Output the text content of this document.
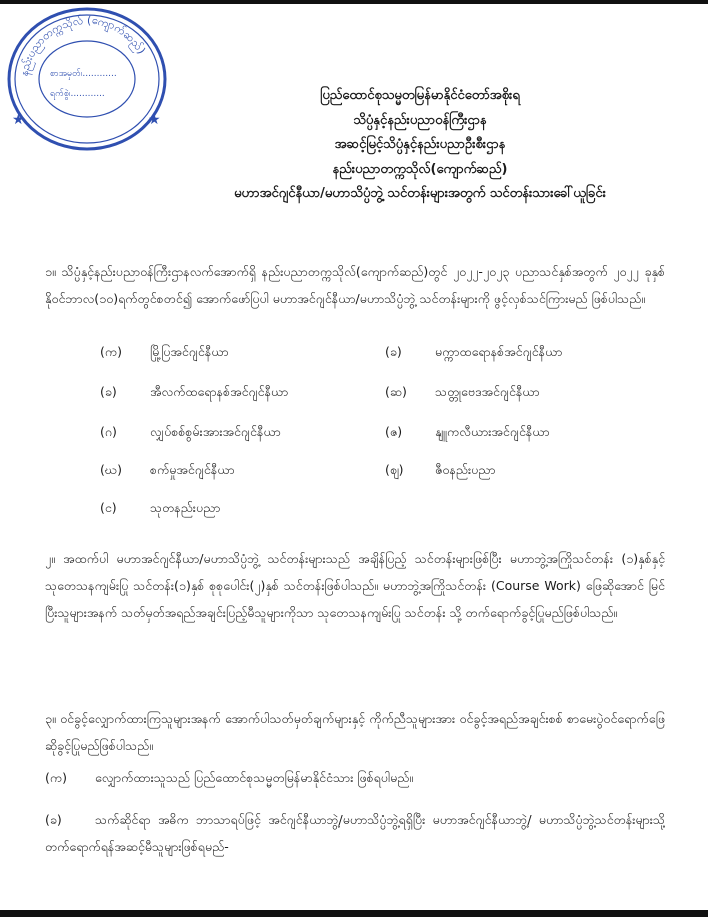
နည်းပညာတက္ကသိုလ် (ကျောက်ဆည်)
စာအမှတ်၊............
ရက်စွဲ၊............
★	★
ပြည်ထောင်စုသမ္မတမြန်မာနိုင်ငံတော်အစိုးရ
သိပ္ပံနှင့်နည်းပညာဝန်ကြီးဌာန
အဆင့်မြင့်သိပ္ပံနှင့်နည်းပညာဦးစီးဌာန
နည်းပညာတက္ကသိုလ်(ကျောက်ဆည်)
မဟာအင်ဂျင်နီယာ/မဟာသိပ္ပံဘွဲ့ သင်တန်းများအတွက် သင်တန်းသားခေါ်ယူခြင်း
၁။ သိပ္ပံနှင့်နည်းပညာဝန်ကြီးဌာနလက်အောက်ရှိ နည်းပညာတက္ကသိုလ်(ကျောက်ဆည်)တွင် ၂၀၂၂-၂၀၂၃ ပညာသင်နှစ်အတွက် ၂၀၂၂ ခုနှစ် နိုဝင်ဘာလ(၁၀)ရက်တွင်စတင်၍ အောက်ဖော်ပြပါ မဟာအင်ဂျင်နီယာ/မဟာသိပ္ပံဘွဲ့ သင်တန်းများကို ဖွင့်လှစ်သင်ကြားမည် ဖြစ်ပါသည်။
(က) မြို့ပြအင်ဂျင်နီယာ	(ခ)	မက္ကာထရောနစ်အင်ဂျင်နီယာ
(ခ)	အီလက်ထရောနစ်အင်ဂျင်နီယာ	(ဆ) သတ္တုဗေဒအင်ဂျင်နီယာ
(ဂ)	လျှပ်စစ်စွမ်းအားအင်ဂျင်နီယာ	(ဇ)	နျူကလီယားအင်ဂျင်နီယာ
(ဃ) စက်မှုအင်ဂျင်နီယာ	(ဈ)	ဇီဝနည်းပညာ
(င)	သုတနည်းပညာ
၂။ အထက်ပါ မဟာအင်ဂျင်နီယာ/မဟာသိပ္ပံဘွဲ့ သင်တန်းများသည် အချိန်ပြည့် သင်တန်းများဖြစ်ပြီး မဟာဘွဲ့အကြိုသင်တန်း (၁)နှစ်နှင့် သုတေသနကျမ်းပြု သင်တန်း(၁)နှစ် စုစုပေါင်း(၂)နှစ် သင်တန်းဖြစ်ပါသည်။ မဟာဘွဲ့အကြိုသင်တန်း (Course Work) ဖြေဆိုအောင် မြင်ပြီးသူများအနက် သတ်မှတ်အရည်အချင်းပြည့်မီသူများကိုသာ သုတေသနကျမ်းပြု သင်တန်း သို့ တက်ရောက်ခွင့်ပြုမည်ဖြစ်ပါသည်။
၃။ ဝင်ခွင့်လျှောက်ထားကြသူများအနက် အောက်ပါသတ်မှတ်ချက်များနှင့် ကိုက်ညီသူများအား ဝင်ခွင့်အရည်အချင်းစစ် စာမေးပွဲဝင်ရောက်ဖြေဆိုခွင့်ပြုမည်ဖြစ်ပါသည်။
(က) လျှောက်ထားသူသည် ပြည်ထောင်စုသမ္မတမြန်မာနိုင်ငံသား ဖြစ်ရပါမည်။
(ခ)	သက်ဆိုင်ရာ အဓိက ဘာသာရပ်ဖြင့် အင်ဂျင်နီယာဘွဲ့/မဟာသိပ္ပံဘွဲ့ရရှိပြီး မဟာအင်ဂျင်နီယာဘွဲ့/ မဟာသိပ္ပံဘွဲ့သင်တန်းများသို့ တက်ရောက်ရန်အဆင့်မီသူများဖြစ်ရမည်-
